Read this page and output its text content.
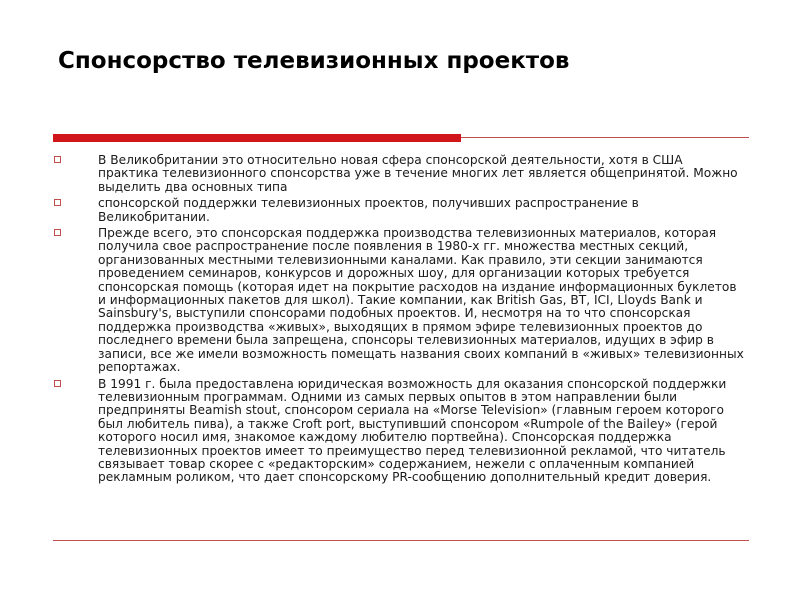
Спонсорство телевизионных проектов
В Великобритании это относительно новая сфера спонсорской деятельности, хотя в США практика телевизионного спонсорства уже в течение многих лет является общепринятой. Можно выделить два основных типа
спонсорской поддержки телевизионных проектов, получивших распространение в Великобритании.
Прежде всего, это спонсорская поддержка производства телевизионных материалов, которая получила свое распространение после появления в 1980-х гг. множества местных секций, организованных местными телевизионными каналами. Как правило, эти секции занимаются проведением семинаров, конкурсов и дорожных шоу, для организации которых требуется спонсорская помощь (которая идет на покрытие расходов на издание информационных буклетов и информационных пакетов для школ). Такие компании, как British Gas, BT, ICI, Lloyds Bank и Sainsbury's, выступили спонсорами подобных проектов. И, несмотря на то что спонсорская поддержка производства «живых», выходящих в прямом эфире телевизионных проектов до последнего времени была запрещена, спонсоры телевизионных материалов, идущих в эфир в записи, все же имели возможность помещать названия своих компаний в «живых» телевизионных репортажах.
В 1991 г. была предоставлена юридическая возможность для оказания спонсорской поддержки телевизионным программам. Одними из самых первых опытов в этом направлении были предприняты Beamish stout, спонсором сериала на «Morse Television» (главным героем которого был любитель пива), а также Croft port, выступивший спонсором «Rumpole of the Bailey» (герой которого носил имя, знакомое каждому любителю портвейна). Спонсорская поддержка телевизионных проектов имеет то преимущество перед телевизионной рекламой, что читатель связывает товар скорее с «редакторским» содержанием, нежели с оплаченным компанией рекламным роликом, что дает спонсорскому PR-сообщению дополнительный кредит доверия.
